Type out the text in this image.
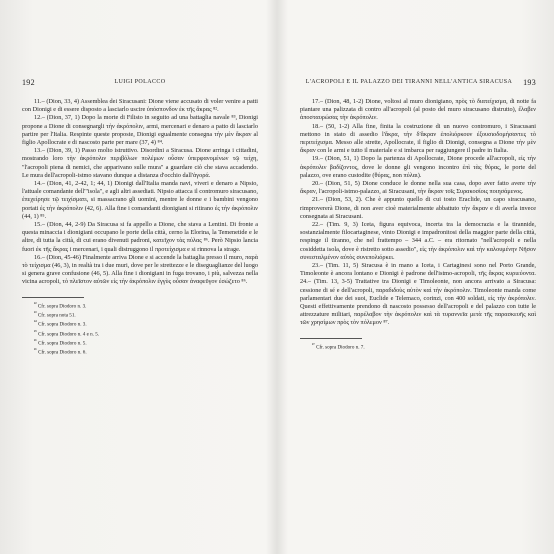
192	LUIGI POLACCO

11.– (Dion, 33, 4) Assemblea dei Siracusani: Dione viene accusato di voler venire a patti con Dionigi e di essere disposto a lasciarlo uscire ὑπόσπονδον ἐκ τῆς ἄκρας ⁸².

12.– (Dion, 37, 1) Dopo la morte di Filisto in seguito ad una battaglia navale ⁸³, Dionigi propone a Dione di consegnargli τὴν ἀκρόπολιν, armi, mercenari e denaro a patto di lasciarlo partire per l'Italia. Respinte queste proposte, Dionigi egualmente consegna τὴν μὲν ἄκραν al figlio Apollocrate e di nascosto parte per mare (37, 4) ⁸⁴.

13.– (Dion, 39, 1) Passo molto istruttivo. Disordini a Siracusa. Dione arringa i cittadini, mostrando loro τὴν ἀκρόπολιν περιβόλων πολέμων οὖσαν ὑπερφανομένων τῷ τείχη, "l'acropoli piena di nemici, che apparivano sulle mura" a guardare ciò che stava accadendo. Le mura dell'acropoli-istmo stavano dunque a distanza d'occhio dall'ἀγορά.

14.– (Dion, 41, 2-42, 1; 44, 1) Dionigi dall'Italia manda navi, viveri e denaro a Nipsio, l'attuale comandante dell'"isola", e agli altri assediati. Nipsio attacca il contromuro siracusano, ἐπεχείρησε τῷ τειχίσματι, si massacrano gli uomini, mentre le donne e i bambini vengono portati ἐς τὴν ἀκρόπολιν (42, 6). Alla fine i comandanti dionigiani si ritirano ἐς τὴν ἀκρόπολιν (44, 1) ⁸⁵.

15.– (Dion, 44, 2-9) Da Siracusa si fa appello a Dione, che stava a Lentini. Di fronte a questa minaccia i dionigiani occupano le porte della città, cerno la Elorina, la Temenetide e le altre, di tutta la città, di cui erano divenuti padroni, κατεῖχον τὰς πύλας ⁸⁶. Però Nipsio lancia fuori ἐκ τῆς ἄκρας i mercenari, i quali distruggono il προτείχισμα e si rinnova la strage.

16.– (Dion, 45-46) Finalmente arriva Dione e si accende la battaglia presso il muro, παρὰ τὸ τείχισμα (46, 3), in realtà tra i due muri, dove per le strettezze e le diseguaglianze del luogo si genera grave confusione (46, 5). Alla fine i dionigiani in fuga trovano, i più, salvezza nella vicina acropoli, τὸ πλεῖστον αὐτῶν εἰς τὴν ἀκρόπολιν ἐγγὺς οὖσαν ἀναφεῦγον ἐσώζετο ⁸⁶.

$^{^{82}}$ Cfr. sopra Diodoro n. 3.

$^{^{83}}$ Cfr. sopra nota 51.

$^{^{84}}$ Cfr. sopra Diodoro n. 3.

$^{^{85}}$ Cfr. sopra Diodoro n. 4 e n. 5.

$^{^{86}}$ Cfr. sopra Diodoro n. 5.

$^{^{86}}$ Cfr. sopra Diodoro n. 6.

L'ACROPOLI E IL PALAZZO DEI TIRANNI NELL'ANTICA SIRACUSA	193

17.– (Dion, 48, 1-2) Dione, voltosi al muro dionigiano, πρὸς τὸ διατείχισμα, di notte fa piantare una palizzata di contro all'acropoli (al posto del muro siracusano distrutto), ἔλαβεν ἀποσταυρώσας τὴν ἀκρόπολιν.

18.– (50, 1-2) Alla fine, finita la costruzione di un nuovo contromuro, i Siracusani mettono in stato di assedio l'ἄκρα, τὴν δ'ἄκραν ἐπολιόρκουν ἐξουσιοδομήσαντες τὸ περιτείχισμα. Messo alle strette, Apollocrate, il figlio di Dionigi, consegna a Dione τὴν μὲν ἄκραν con le armi e tutto il materiale e si imbarca per raggiungere il padre in Italia.

19.– (Dion, 51, 1) Dopo la partenza di Apollocrate, Dione procede all'acropoli, εἰς τὴν ἀκρόπολιν βαδίζοντος, dove le donne gli vengono incontro ἐπὶ τὰς θύρας, le porte del palazzo, ove erano custodite (θύρας, non πύλαι).

20.– (Dion, 51, 5) Dione conduce le donne nella sua casa, dopo aver fatto avere τὴν ἄκραν, l'acropoli-istmo-palazzo, ai Siracusani, τὴν ἄκραν τοῖς Συρακοσίοις ποιησάμενος.

21.– (Dion, 53, 2). Che è appunto quello di cui tosto Eraclide, un capo siracusano, rimprovererà Dione, di non aver cioè materialmente abbattuto τὴν ἄκραν e di averla invece consegnata ai Siracusani.

22.– (Tim. 9, 3) Iceta, figura equivoca, incerta tra la democrazia e la tirannide, sostanzialmente filocartaginese, vinto Dionigi e impadronitosi della maggior parte della città, respinge il tiranno, che nel frattempo – 344 a.C. – era ritornato "nell'acropoli e nella cosiddetta isola, dove è ristretto sotto assedio", εἰς τὴν ἀκρόπολιν καὶ τὴν καλουμένην Νῆσον συνεσταλμένον αὐτὸς συνεπολιόρκει.

23.– (Tim. 11, 5) Siracusa è in mano a Iceta, i Cartaginesi sono nel Porto Grande, Timoleonte è ancora lontano e Dionigi è padrone dell'istmo-acropoli, τῆς ἄκρας κυριεύοντα. 24.– (Tim. 13, 3-5) Trattative tra Dionigi e Timoleonte, non ancora arrivato a Siracusa: cessione di sé e dell'acropoli, παραδιδοὺς αὐτὸν καὶ τὴν ἀκρόπολιν. Timoleonte manda come parlamentari due dei suoi, Euclide e Telemaco, corinzi, con 400 soldati, εἰς τὴν ἀκρόπολιν. Questi effettivamente prendono di nascosto possesso dell'acropoli e del palazzo con tutte le attrezzature militari, παρέλαβον τὴν ἀκρόπολιν καὶ τὰ τυραννεῖα μετὰ τῆς παρασκευῆς καὶ τῶν χρησίμων πρὸς τὸν πόλεμον ⁸⁷.

$^{^{87}}$ Cfr. sopra Diodoro n. 7.
